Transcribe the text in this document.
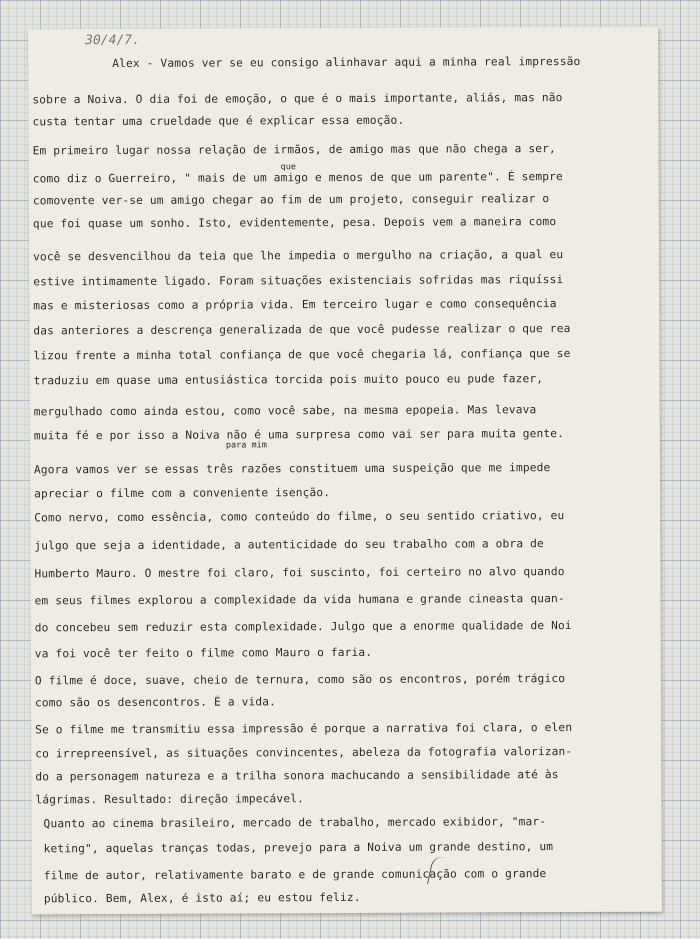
30/4/7.
que
para mim
Alex - Vamos ver se eu consigo alinhavar aqui a minha real impressão
sobre a Noiva. O dia foi de emoção, o que é o mais importante, aliás, mas não
custa tentar uma crueldade que é explicar essa emoção.
Em primeiro lugar nossa relação de irmãos, de amigo mas que não chega a ser,
como diz o Guerreiro, " mais de um amigo e menos de que um parente". É sempre
comovente ver-se um amigo chegar ao fim de um projeto, conseguir realizar o
que foi quase um sonho. Isto, evidentemente, pesa. Depois vem a maneira como
você se desvencilhou da teia que lhe impedia o mergulho na criação, a qual eu
estive intimamente ligado. Foram situações existenciais sofridas mas riquíssi
mas e misteriosas como a própria vida. Em terceiro lugar e como consequência
das anteriores a descrença generalizada de que você pudesse realizar o que rea
lizou frente a minha total confiança de que você chegaria lá, confiança que se
traduziu em quase uma entusiástica torcida pois muito pouco eu pude fazer,
mergulhado como ainda estou, como você sabe, na mesma epopeia. Mas levava
muita fé e por isso a Noiva não é uma surpresa como vai ser para muita gente.
Agora vamos ver se essas três razões constituem uma suspeição que me impede
apreciar o filme com a conveniente isenção.
Como nervo, como essência, como conteúdo do filme, o seu sentido criativo, eu
julgo que seja a identidade, a autenticidade do seu trabalho com a obra de
Humberto Mauro. O mestre foi claro, foi suscinto, foi certeiro no alvo quando
em seus filmes explorou a complexidade da vida humana e grande cineasta quan-
do concebeu sem reduzir esta complexidade. Julgo que a enorme qualidade de Noi
va foi você ter feito o filme como Mauro o faria.
O filme é doce, suave, cheio de ternura, como são os encontros, porém trágico
como são os desencontros. É a vida.
Se o filme me transmitiu essa impressão é porque a narrativa foi clara, o elen
co irrepreensível, as situações convincentes, abeleza da fotografia valorizan-
do a personagem natureza e a trilha sonora machucando a sensibilidade até às
lágrimas. Resultado: direção impecável.
Quanto ao cinema brasileiro, mercado de trabalho, mercado exibidor, "mar-
keting", aquelas tranças todas, prevejo para a Noiva um grande destino, um
filme de autor, relativamente barato e de grande comunicação com o grande
público. Bem, Alex, é isto aí; eu estou feliz.
